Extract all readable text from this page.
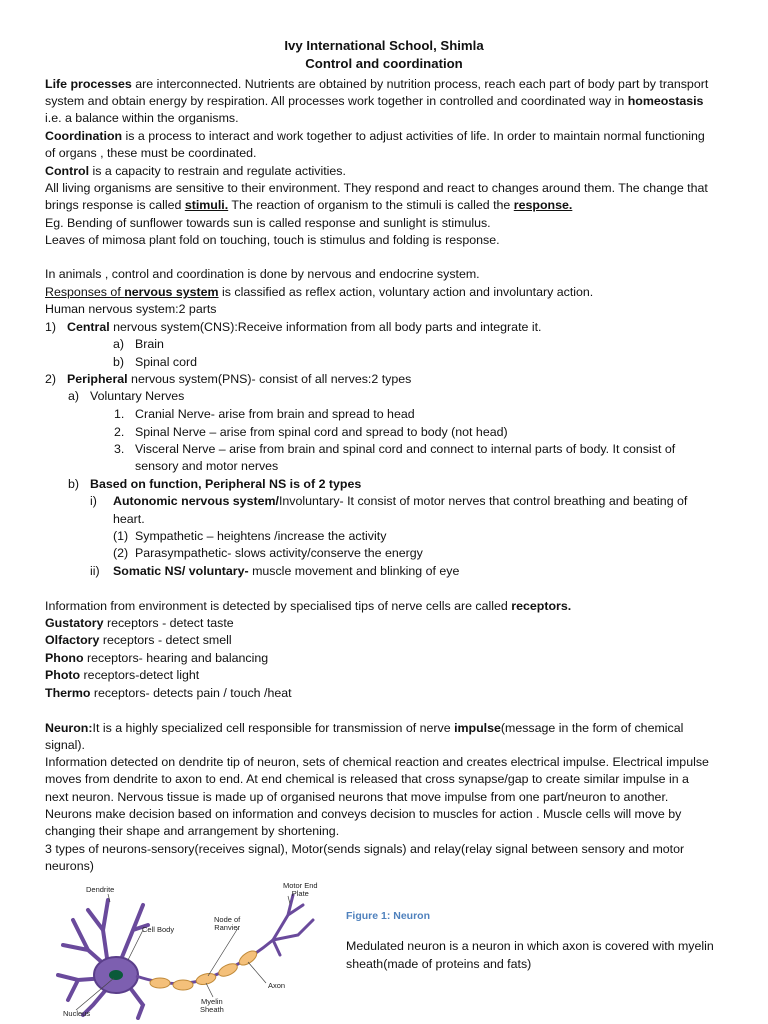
Ivy International School, Shimla
Control and coordination
Life processes are interconnected. Nutrients are obtained by nutrition process, reach each part of body part by transport
system and obtain energy by respiration. All processes work together in controlled and coordinated way in homeostasis
i.e. a balance within the organisms.
Coordination is a process to interact and work together to adjust activities of life. In order to maintain normal functioning
of organs , these must be coordinated.
Control is a capacity to restrain and regulate activities.
All living organisms are sensitive to their environment. They respond and react to changes around them. The change that
brings response is called stimuli. The reaction of organism to the stimuli is called the response.
Eg. Bending of sunflower towards sun is called response and sunlight is stimulus.
Leaves of mimosa plant fold on touching, touch is stimulus and folding is response.
In animals , control and coordination is done by nervous and endocrine system.
Responses of nervous system is classified as reflex action, voluntary action and involuntary action.
Human nervous system:2 parts
1) Central nervous system(CNS):Receive information from all body parts and integrate it.
a) Brain
b) Spinal cord
2) Peripheral nervous system(PNS)- consist of all nerves:2 types
a) Voluntary Nerves
1. Cranial Nerve- arise from brain and spread to head
2. Spinal Nerve – arise from spinal cord and spread to body (not head)
3. Visceral Nerve – arise from brain and spinal cord and connect to internal parts of body. It consist of
sensory and motor nerves
b) Based on function, Peripheral NS is of 2 types
i) Autonomic nervous system/Involuntary- It consist of motor nerves that control breathing and beating of
heart.
(1) Sympathetic – heightens /increase the activity
(2) Parasympathetic- slows activity/conserve the energy
ii) Somatic NS/ voluntary- muscle movement and blinking of eye
Information from environment is detected by specialised tips of nerve cells are called receptors.
Gustatory receptors - detect taste
Olfactory receptors - detect smell
Phono receptors- hearing and balancing
Photo receptors-detect light
Thermo receptors- detects pain / touch /heat
Neuron:It is a highly specialized cell responsible for transmission of nerve impulse(message in the form of chemical
signal).
Information detected on dendrite tip of neuron, sets of chemical reaction and creates electrical impulse. Electrical impulse
moves from dendrite to axon to end. At end chemical is released that cross synapse/gap to create similar impulse in a
next neuron. Nervous tissue is made up of organised neurons that move impulse from one part/neuron to another.
Neurons make decision based on information and conveys decision to muscles for action . Muscle cells will move by
changing their shape and arrangement by shortening.
3 types of neurons-sensory(receives signal), Motor(sends signals) and relay(relay signal between sensory and motor
neurons)
Dendrite
Cell Body
Node of
Ranvier
Motor End
Plate
Axon
Myelin
Sheath
Nucleus
Figure 1: Neuron
Medulated neuron is a neuron in which axon is covered with myelin
sheath(made of proteins and fats)
